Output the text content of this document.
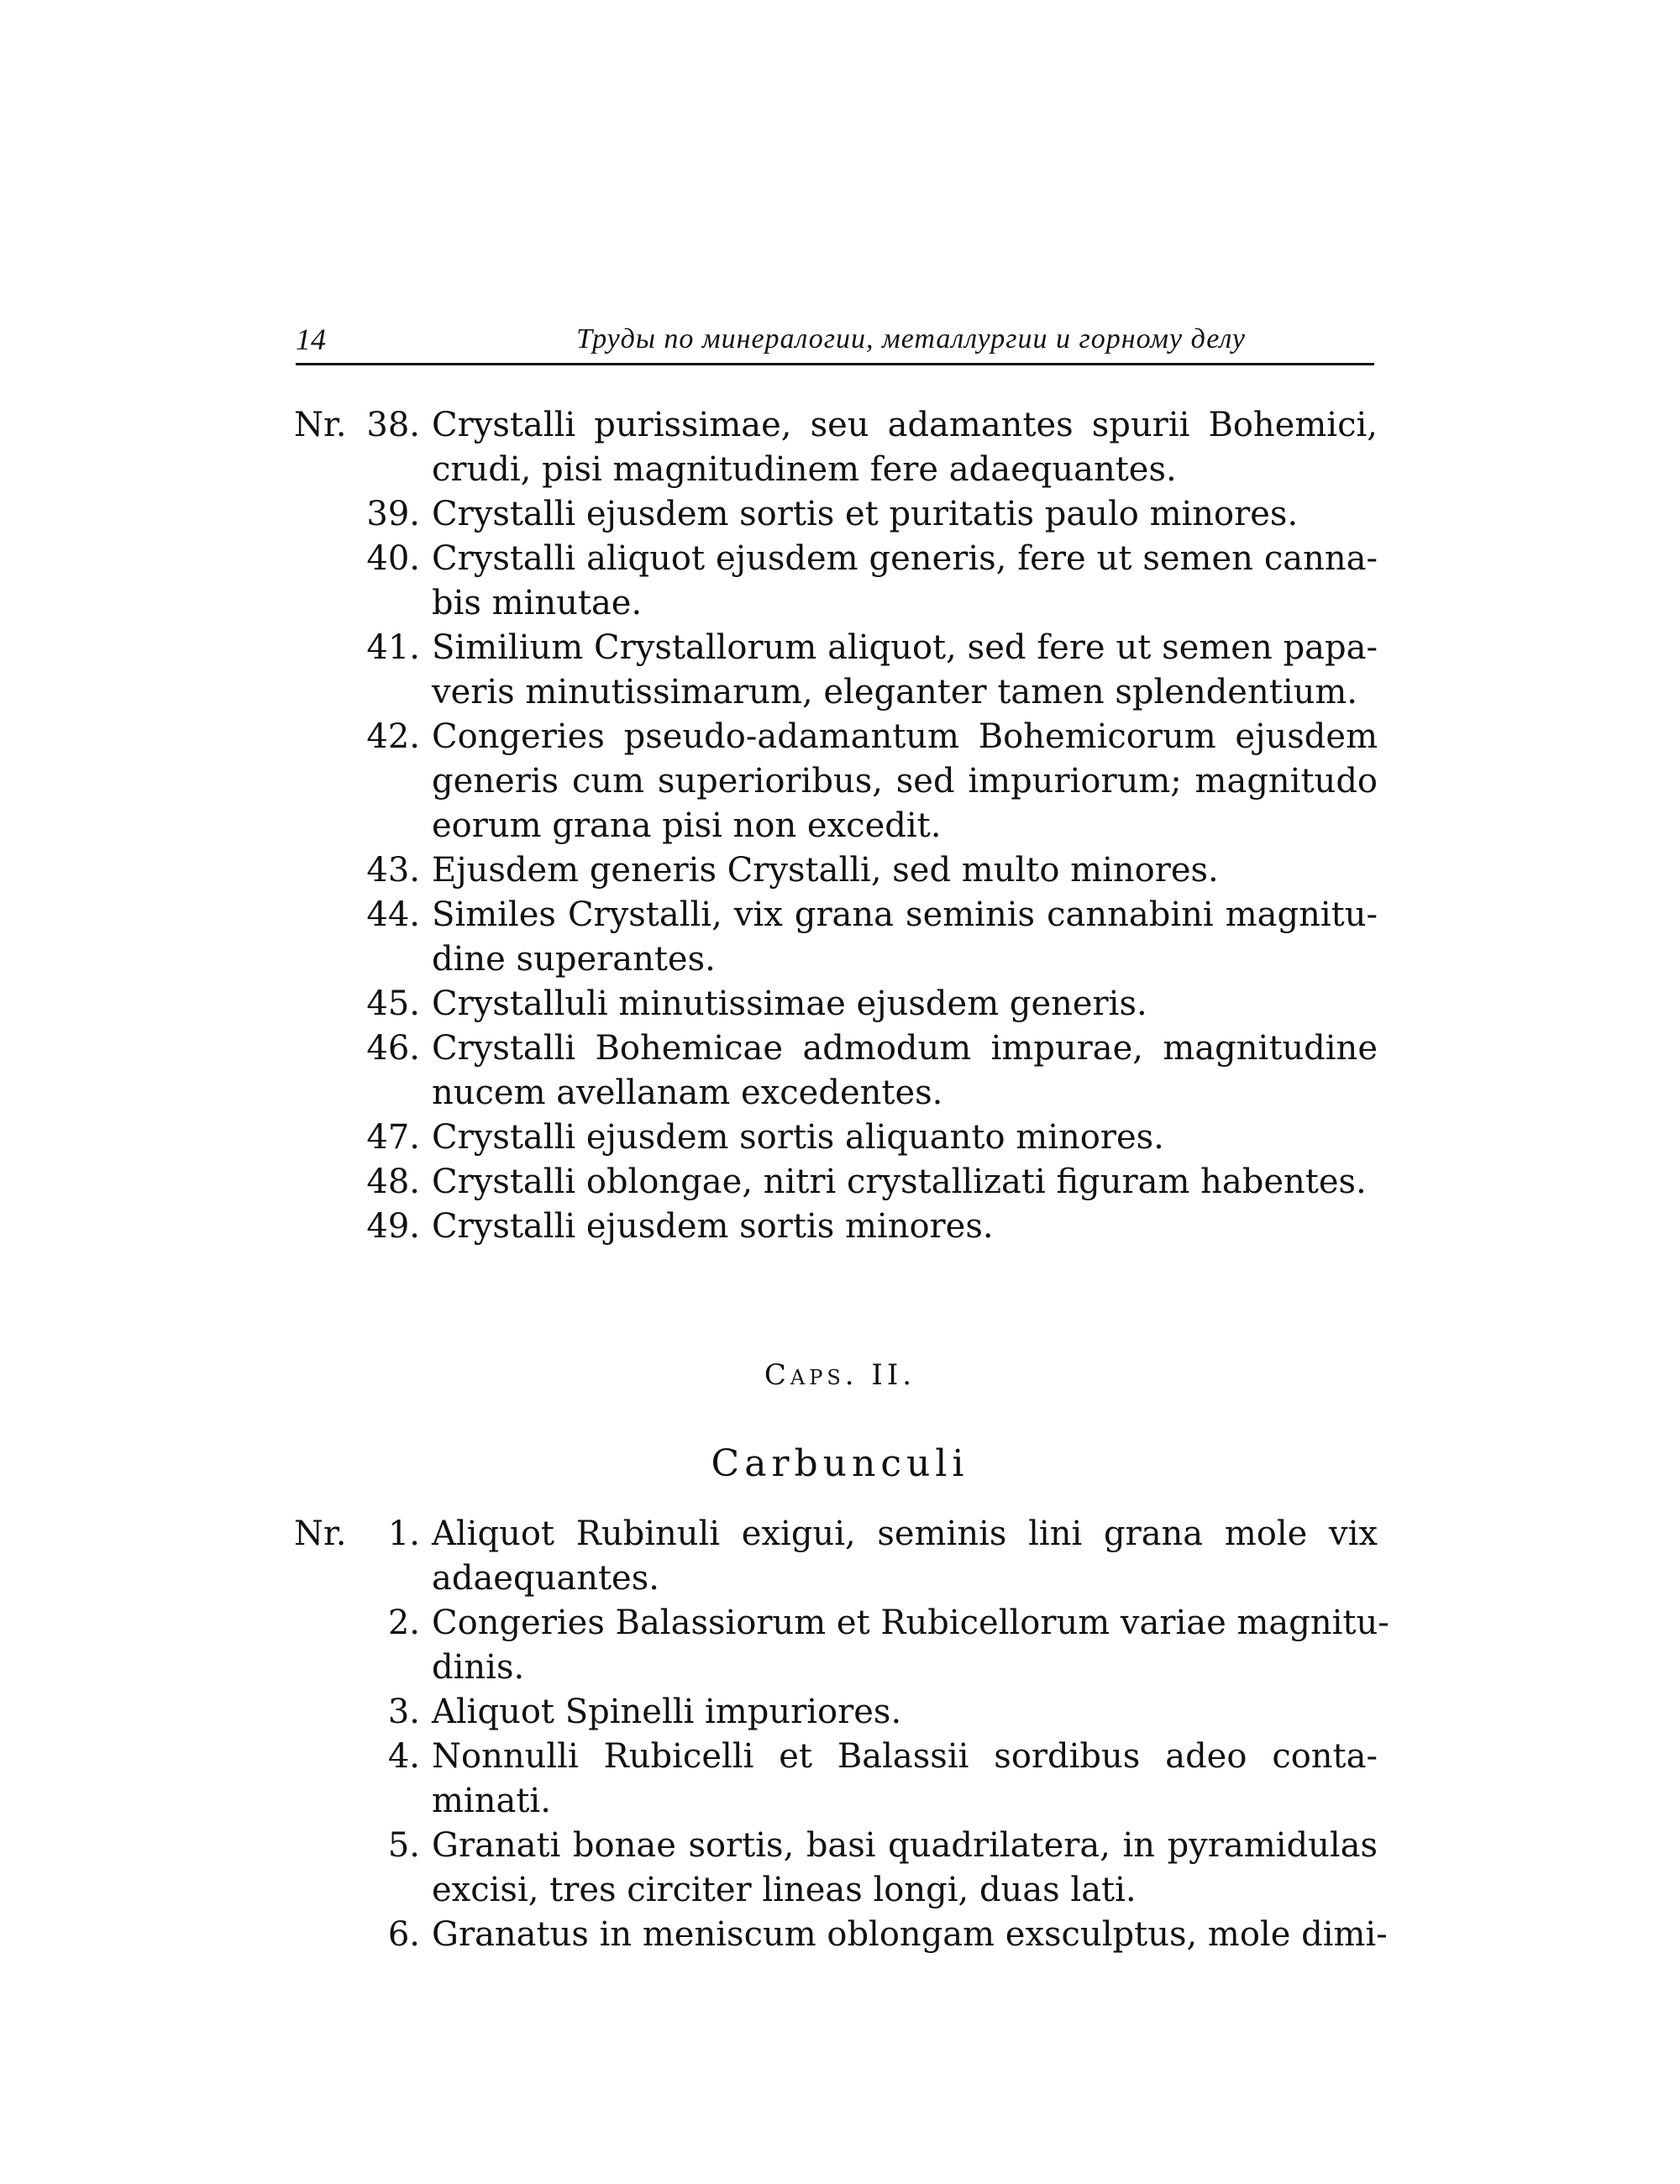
14	Труды по минералогии, металлургии и горному делу
Nr. 38. Crystalli purissimae, seu adamantes spurii Bohemici,
crudi, pisi magnitudinem fere adaequantes.
39. Crystalli ejusdem sortis et puritatis paulo minores.
40. Crystalli aliquot ejusdem generis, fere ut semen canna-
bis minutae.
41. Similium Crystallorum aliquot, sed fere ut semen papa-
veris minutissimarum, eleganter tamen splendentium.
42. Congeries pseudo-adamantum Bohemicorum ejusdem
generis cum superioribus, sed impuriorum; magnitudo
eorum grana pisi non excedit.
43. Ejusdem generis Crystalli, sed multo minores.
44. Similes Crystalli, vix grana seminis cannabini magnitu-
dine superantes.
45. Crystalluli minutissimae ejusdem generis.
46. Crystalli Bohemicae admodum impurae, magnitudine
nucem avellanam excedentes.
47. Crystalli ejusdem sortis aliquanto minores.
48. Crystalli oblongae, nitri crystallizati figuram habentes.
49. Crystalli ejusdem sortis minores.
Caps. II.
Carbunculi
Nr.	1. Aliquot Rubinuli exigui, seminis lini grana mole vix
adaequantes.
2. Congeries Balassiorum et Rubicellorum variae magnitu-
dinis.
3. Aliquot Spinelli impuriores.
4. Nonnulli Rubicelli et Balassii sordibus adeo conta-
minati.
5. Granati bonae sortis, basi quadrilatera, in pyramidulas
excisi, tres circiter lineas longi, duas lati.
6. Granatus in meniscum oblongam exsculptus, mole dimi-
